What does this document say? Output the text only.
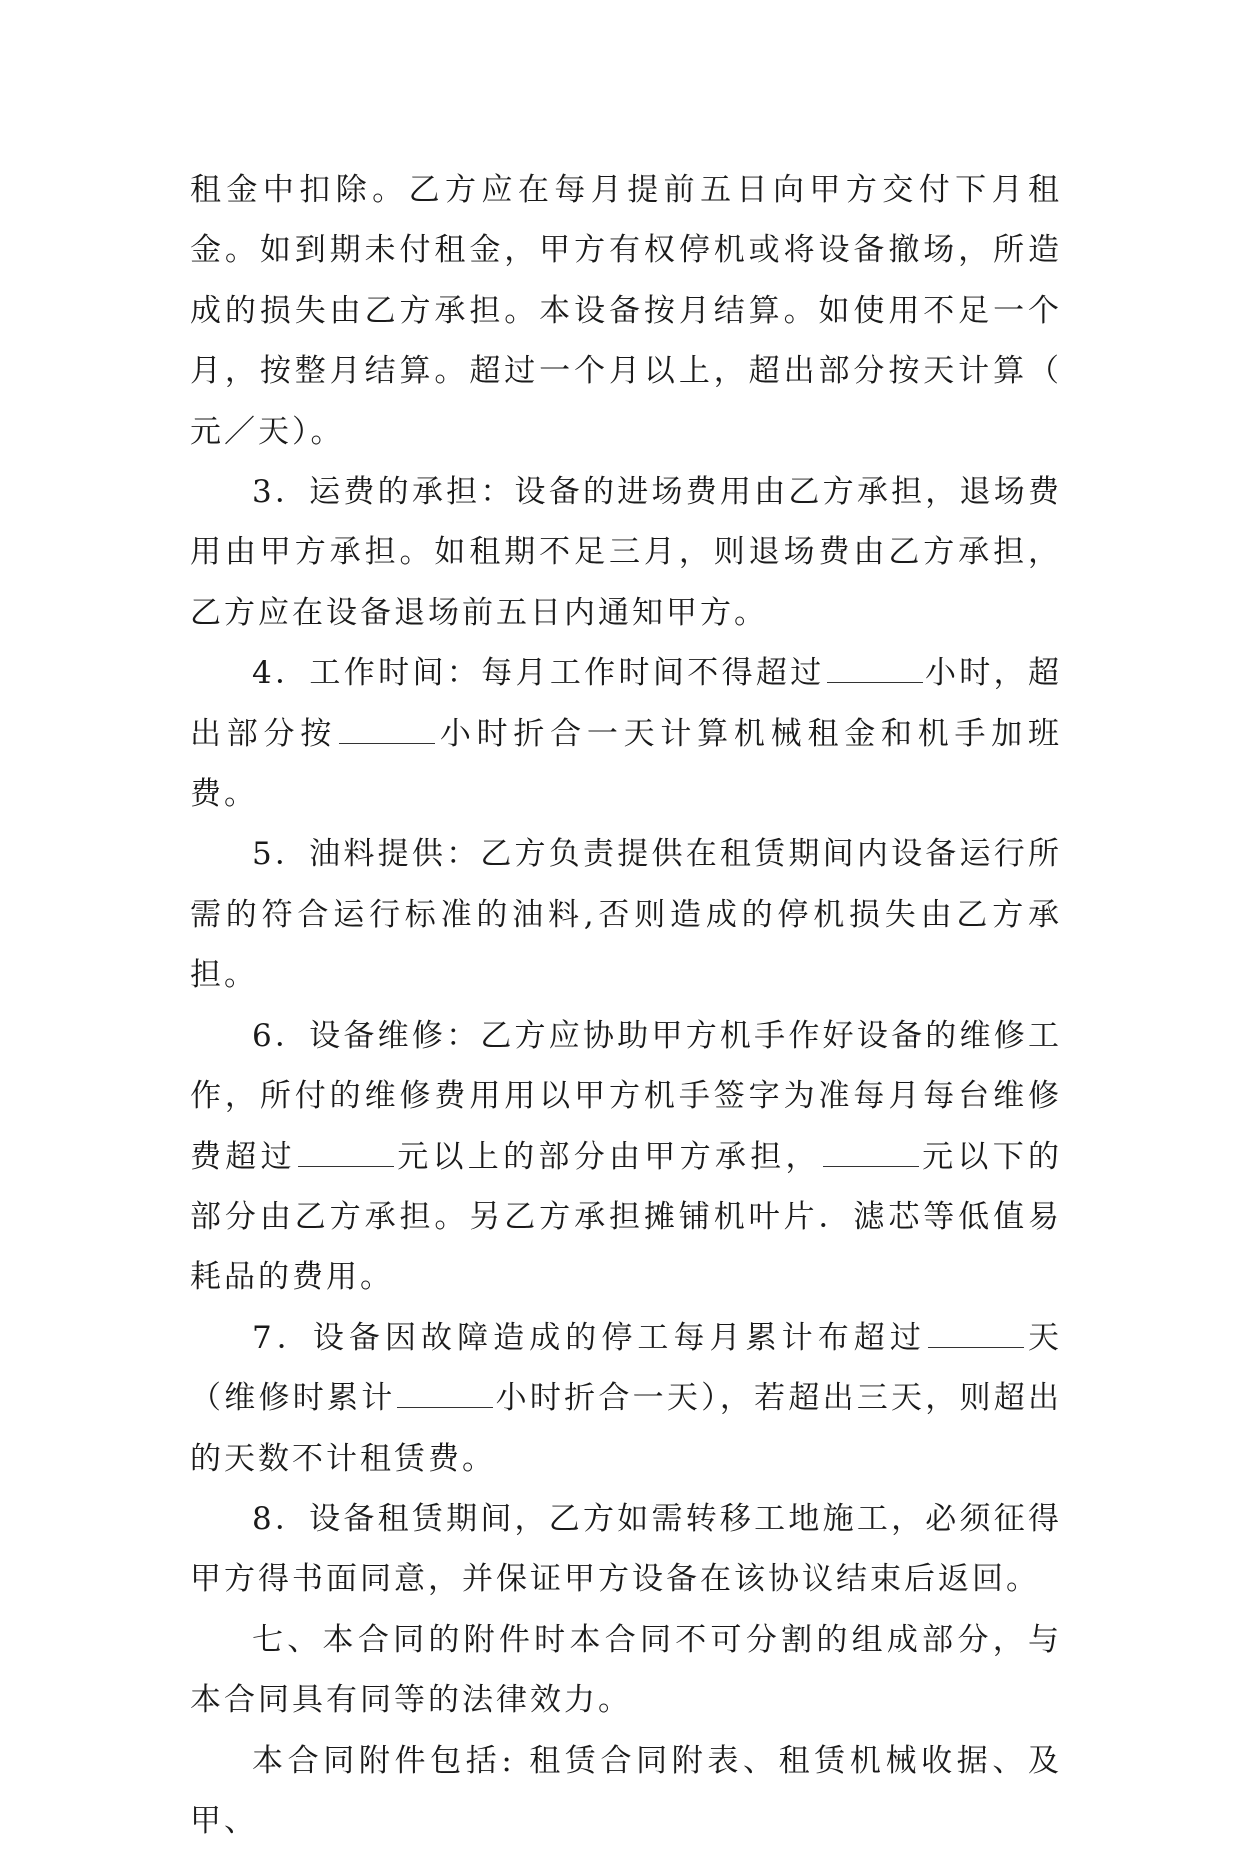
租金中扣除。乙方应在每月提前五日向甲方交付下月租金。如到期未付租金，甲方有权停机或将设备撤场，所造成的损失由乙方承担。本设备按月结算。如使用不足一个月，按整月结算。超过一个月以上，超出部分按天计算（ 元／天）。

3．运费的承担：设备的进场费用由乙方承担，退场费用由甲方承担。如租期不足三月，则退场费由乙方承担，乙方应在设备退场前五日内通知甲方。

4．工作时间：每月工作时间不得超过	小时，超出部分按	小时折合一天计算机械租金和机手加班费。

5．油料提供：乙方负责提供在租赁期间内设备运行所需的符合运行标准的油料,否则造成的停机损失由乙方承担。

6．设备维修：乙方应协助甲方机手作好设备的维修工作，所付的维修费用用以甲方机手签字为准每月每台维修费超过	元以上的部分由甲方承担，	元以下的部分由乙方承担。另乙方承担摊铺机叶片．滤芯等低值易耗品的费用。

7．设备因故障造成的停工每月累计布超过	天（维修时累计	小时折合一天），若超出三天，则超出的天数不计租赁费。

8．设备租赁期间，乙方如需转移工地施工，必须征得甲方得书面同意，并保证甲方设备在该协议结束后返回。

七、本合同的附件时本合同不可分割的组成部分，与本合同具有同等的法律效力。

本合同附件包括: 租赁合同附表、租赁机械收据、及甲、
